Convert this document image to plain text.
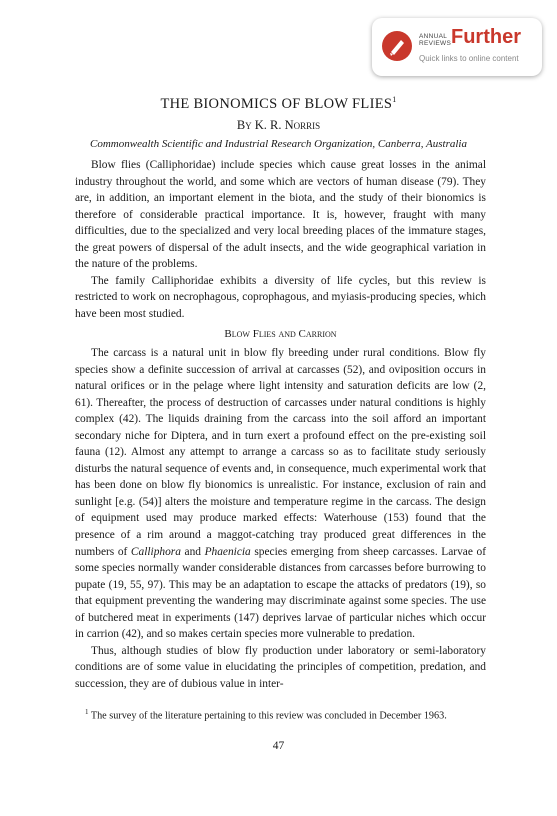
ANNUAL
REVIEWS Further
Quick links to online content
THE BIONOMICS OF BLOW FLIES$^1$
By K. R. Norris
Commonwealth Scientific and Industrial Research Organization, Canberra, Australia

Blow flies (Calliphoridae) include species which cause great losses in the animal industry throughout the world, and some which are vectors of human disease (79). They are, in addition, an important element in the biota, and the study of their bionomics is therefore of considerable practical importance. It is, however, fraught with many difficulties, due to the specialized and very local breeding places of the immature stages, the great powers of dispersal of the adult insects, and the wide geographical variation in the nature of the problems.

The family Calliphoridae exhibits a diversity of life cycles, but this review is restricted to work on necrophagous, coprophagous, and myiasis-producing species, which have been most studied.

Blow Flies and Carrion

The carcass is a natural unit in blow fly breeding under rural conditions. Blow fly species show a definite succession of arrival at carcasses (52), and oviposition occurs in natural orifices or in the pelage where light intensity and saturation deficits are low (2, 61). Thereafter, the process of destruction of carcasses under natural conditions is highly complex (42). The liquids draining from the carcass into the soil afford an important secondary niche for Diptera, and in turn exert a profound effect on the pre-existing soil fauna (12). Almost any attempt to arrange a carcass so as to facilitate study seriously disturbs the natural sequence of events and, in consequence, much experimental work that has been done on blow fly bionomics is unrealistic. For instance, exclusion of rain and sunlight [e.g. (54)] alters the moisture and temperature regime in the carcass. The design of equipment used may produce marked effects: Waterhouse (153) found that the presence of a rim around a maggot-catching tray produced great differences in the numbers of Calliphora and Phaenicia species emerging from sheep carcasses. Larvae of some species normally wander considerable distances from carcasses before burrowing to pupate (19, 55, 97). This may be an adaptation to escape the attacks of predators (19), so that equipment preventing the wandering may discriminate against some species. The use of butchered meat in experiments (147) deprives larvae of particular niches which occur in carrion (42), and so makes certain species more vulnerable to predation.

Thus, although studies of blow fly production under laboratory or semi-laboratory conditions are of some value in elucidating the principles of competition, predation, and succession, they are of dubious value in inter-

$^1$ The survey of the literature pertaining to this review was concluded in December 1963.
47
